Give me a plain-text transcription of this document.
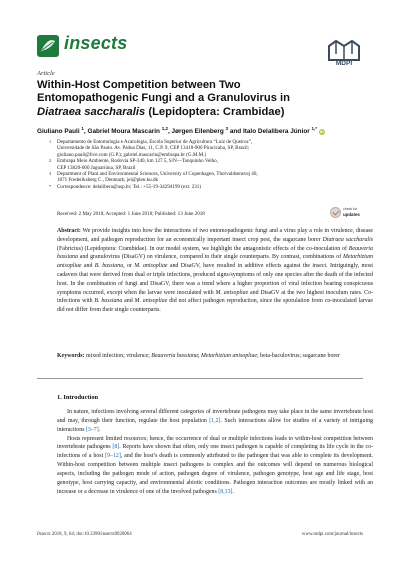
insects
MDPI
Article
Within-Host Competition between Two Entomopathogenic Fungi and a Granulovirus in Diatraea saccharalis (Lepidoptera: Crambidae)
Giuliano Pauli $^1$, Gabriel Moura Mascarin $^{1,2}$, Jørgen Eilenberg $^3$ and Italo Delalibera Júnior $^{1,*}$ iD
1 Departamento de Entomologia e Acarologia, Escola Superior de Agricultura “Luiz de Queiroz”,
Universidade de São Paulo. Av. Pádua Dias, 11, C.P. 9, CEP 13418-900 Piracicaba, SP, Brazil;
giuliano.pauli@live.com (G.P.); gabriel.mascarin@embrapa.br (G.M.M.)
2 Embrapa Meio Ambiente, Rodovia SP-340, km 127.5, S/N—Tanquinho Velho,
CEP 13820-000 Jaguariúna, SP, Brazil
3 Department of Plant and Environmental Sciences, University of Copenhagen, Thorvaldsensvej 40,
1871 Frederiksberg C., Denmark; jei@plen.ku.dk
* Correspondence: delalibera@usp.br; Tel.: +55-19-34294199 (ext. 231)
Received: 2 May 2018; Accepted: 1 June 2018; Published: 13 June 2018
check for
updates
Abstract: We provide insights into how the interactions of two entomopathogenic fungi and a virus play a role in virulence, disease development, and pathogen reproduction for an economically important insect crop pest, the sugarcane borer Diatraea saccharalis (Fabricius) (Lepidoptera: Crambidae). In our model system, we highlight the antagonistic effects of the co-inoculation of Beauveria bassiana and granulovirus (DisaGV) on virulence, compared to their single counterparts. By contrast, combinations of Metarhizium anisopliae and B. bassiana, or M. anisopliae and DisaGV, have resulted in additive effects against the insect. Intriguingly, most cadavers that were derived from dual or triple infections, produced signs/symptoms of only one species after the death of the infected host. In the combination of fungi and DisaGV, there was a trend where a higher proportion of viral infection bearing conspicuous symptoms occurred, except when the larvae were inoculated with M. anisopliae and DisaGV at the two highest inoculum rates. Co-infections with B. bassiana and M. anisopliae did not affect pathogen reproduction, since the sporulation from co-inoculated larvae did not differ from their single counterparts.
Keywords: mixed infection; virulence; Beauveria bassiana; Metarhizium anisopliae; beta-baculovirus; sugarcane borer
1. Introduction

In nature, infections involving several different categories of invertebrate pathogens may take place in the same invertebrate host and may, through their function, regulate the host population [1,2]. Such interactions allow for studies of a variety of intriguing interactions [3–7].

Hosts represent limited resources; hence, the occurrence of dual or multiple infections leads to within-host competition between invertebrate pathogens [8]. Reports have shown that often, only one insect pathogen is capable of completing its life cycle in the co-infections of a host [9–12], and the host’s death is commonly attributed to the pathogen that was able to complete its development. Within-host competition between multiple insect pathogens is complex and the outcomes will depend on numerous biological aspects, including the pathogen mode of action, pathogen degree of virulence, pathogen genotype, host age and life stage, host genotype, host carrying capacity, and environmental abiotic conditions. Pathogen interaction outcomes are mostly linked with an increase or a decrease in virulence of one of the involved pathogens [8,13].

Insects 2018, 9, 64; doi:10.3390/insects9020064	www.mdpi.com/journal/insects
